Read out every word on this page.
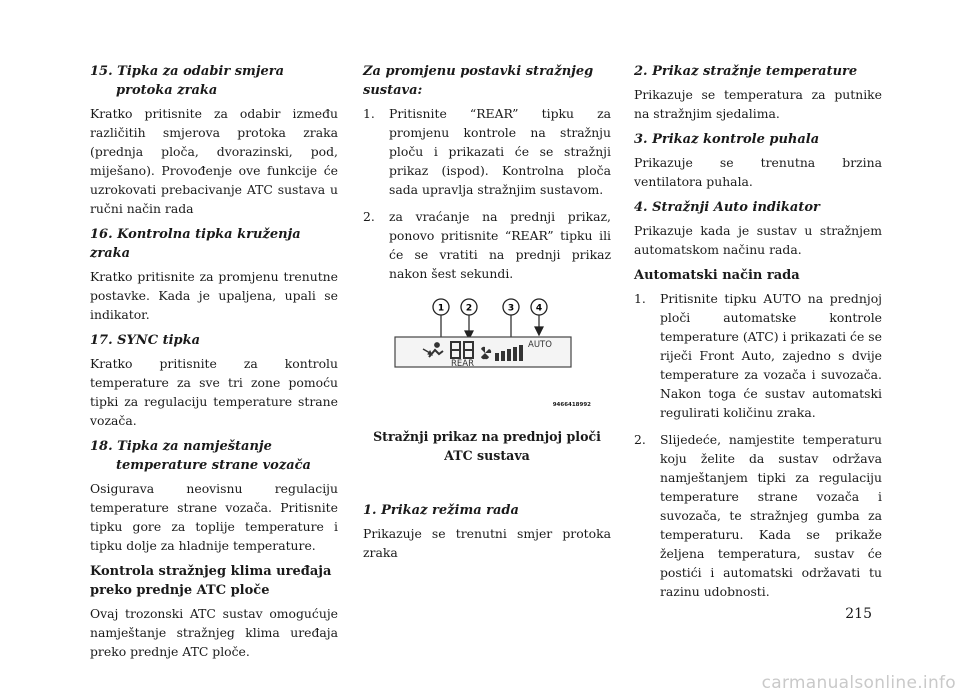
15. Tipka za odabir smjera protoka zraka
Kratko pritisnite za odabir između različitih smjerova protoka zraka (prednja ploča, dvorazinski, pod, miješano). Provođenje ove funkcije će uzrokovati prebacivanje ATC sustava u ručni način rada
16. Kontrolna tipka kruženja zraka
Kratko pritisnite za promjenu trenutne postavke. Kada je upaljena, upali se indikator.
17. SYNC tipka
Kratko pritisnite za kontrolu temperature za sve tri zone pomoću tipki za regulaciju temperature strane vozača.
18. Tipka za namještanje temperature strane vozača
Osigurava neovisnu regulaciju temperature strane vozača. Pritisnite tipku gore za toplije temperature i tipku dolje za hladnije temperature.
Kontrola stražnjeg klima uređaja preko prednje ATC ploče
Ovaj trozonski ATC sustav omogućuje namještanje stražnjeg klima uređaja preko prednje ATC ploče.
Za promjenu postavki stražnjeg sustava:
1. Pritisnite “REAR” tipku za promjenu kontrole na stražnju ploču i prikazati će se stražnji prikaz (ispod). Kontrolna ploča sada upravlja stražnjim sustavom.
2. za vraćanje na prednji prikaz, ponovo pritisnite “REAR” tipku ili će se vratiti na prednji prikaz nakon šest sekundi.
AUTO
REAR
1 2	3 4
9466418992
Stražnji prikaz na prednjoj ploči ATC sustava
1. Prikaz režima rada
Prikazuje se trenutni smjer protoka zraka
2. Prikaz stražnje temperature
Prikazuje se temperatura za putnike na stražnjim sjedalima.
3. Prikaz kontrole puhala
Prikazuje se trenutna brzina ventilatora puhala.
4. Stražnji Auto indikator
Prikazuje kada je sustav u stražnjem automatskom načinu rada.
Automatski način rada
1. Pritisnite tipku AUTO na prednjoj ploči automatske kontrole temperature (ATC) i prikazati će se riječi Front Auto, zajedno s dvije temperature za vozača i suvozača. Nakon toga će sustav automatski regulirati količinu zraka.
2. Slijedeće, namjestite temperaturu koju želite da sustav održava namještanjem tipki za regulaciju temperature strane vozača i suvozača, te stražnjeg gumba za temperaturu. Kada se prikaže željena temperatura, sustav će postići i automatski održavati tu razinu udobnosti.
215
carmanualsonline.info
